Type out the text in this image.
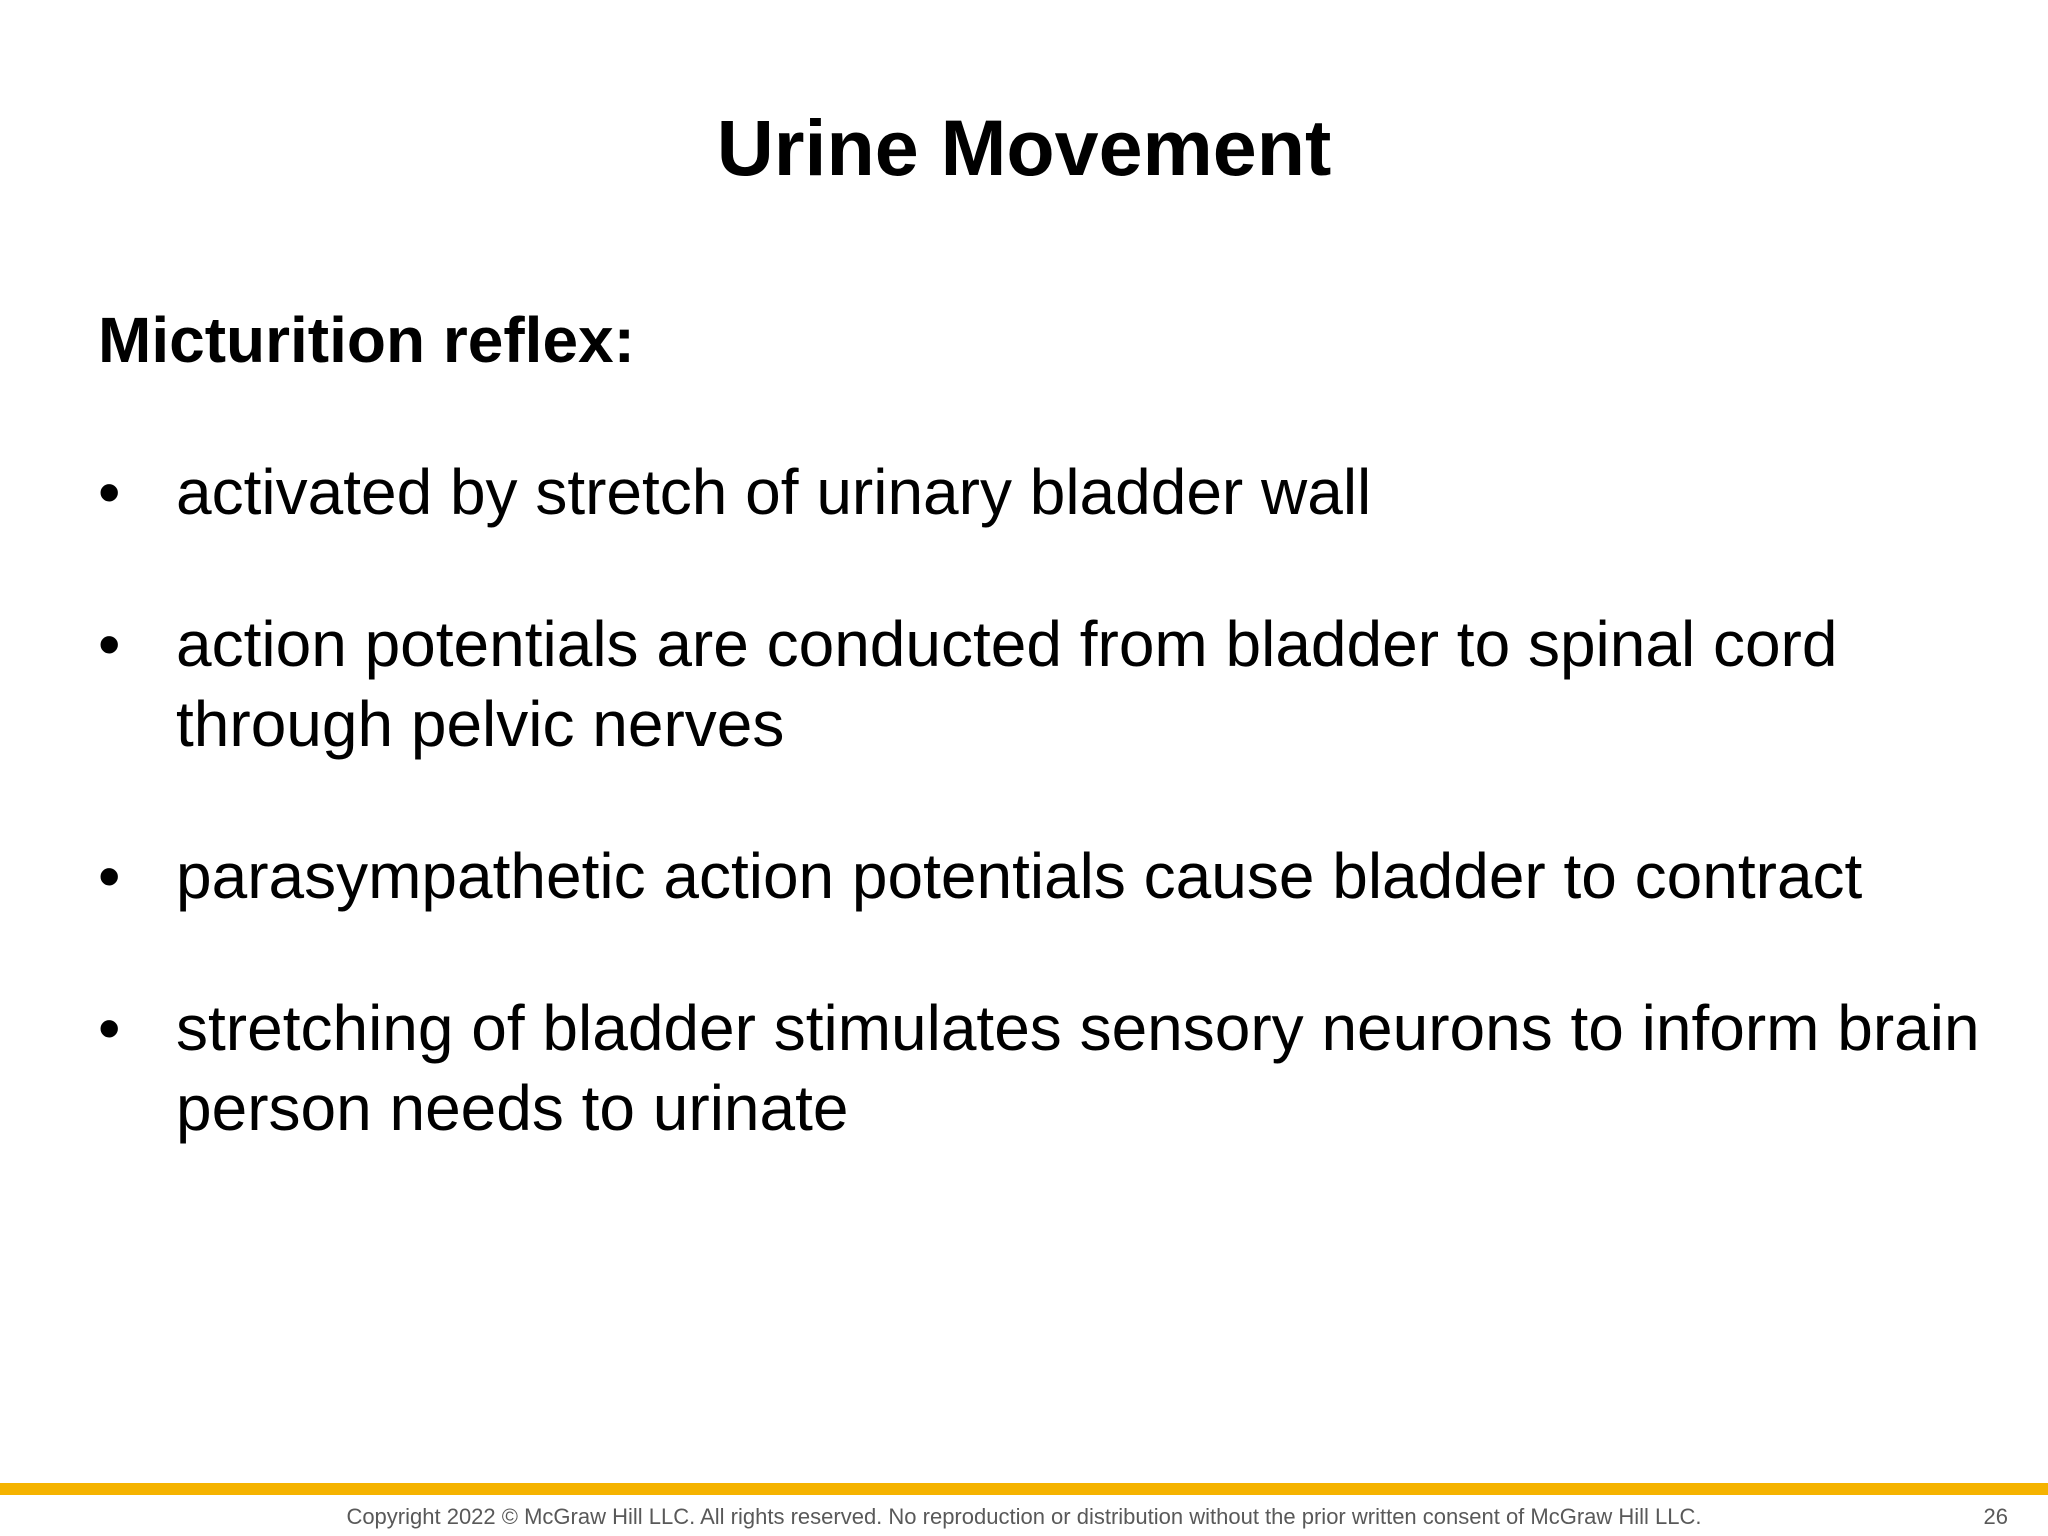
Urine Movement
Micturition reflex:
• activated by stretch of urinary bladder wall
• action potentials are conducted from bladder to spinal cord through pelvic nerves
• parasympathetic action potentials cause bladder to contract
• stretching of bladder stimulates sensory neurons to inform brain person needs to urinate
Copyright 2022 © McGraw Hill LLC. All rights reserved. No reproduction or distribution without the prior written consent of McGraw Hill LLC.	26
